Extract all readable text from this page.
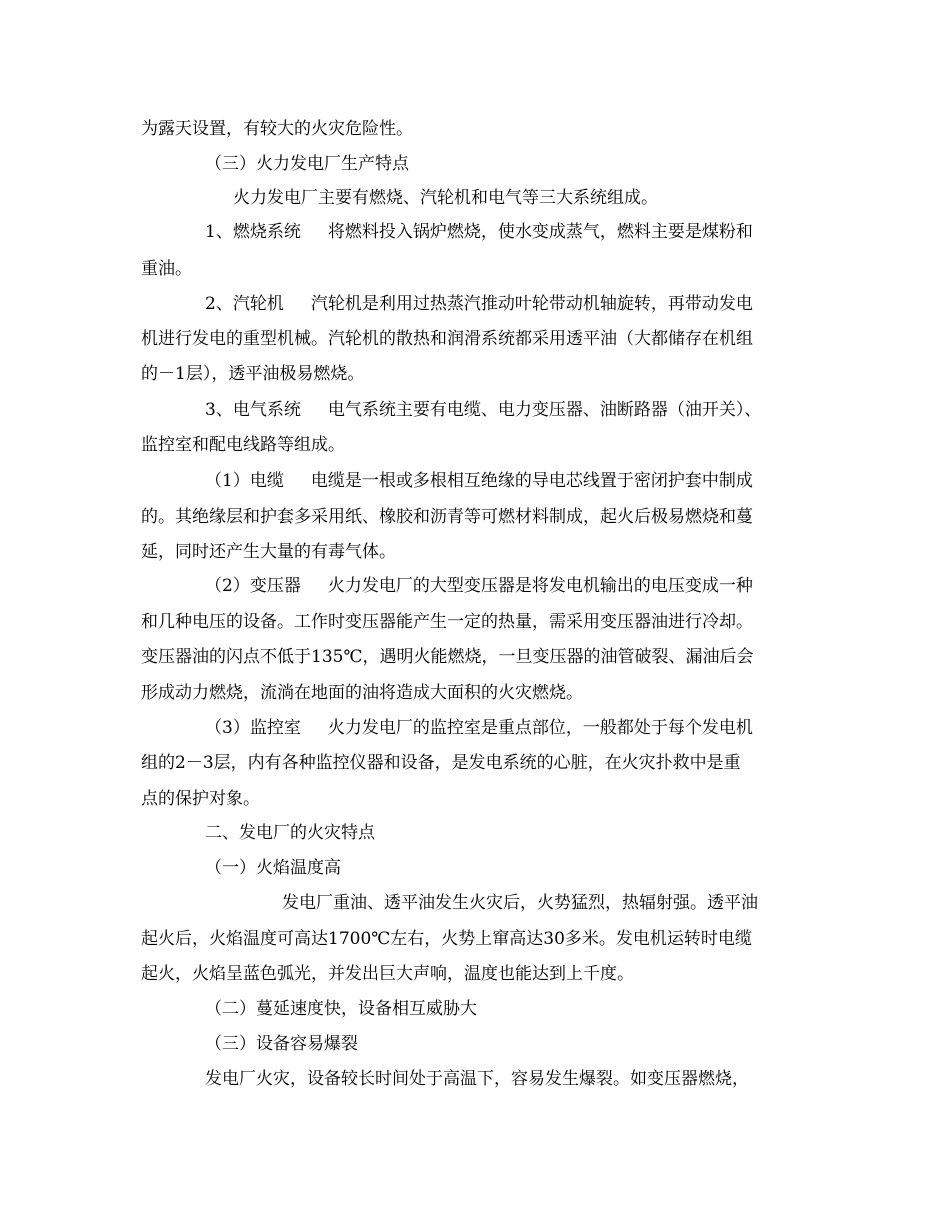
为露天设置，有较大的火灾危险性。
（三）火力发电厂生产特点
火力发电厂主要有燃烧、汽轮机和电气等三大系统组成。
1、燃烧系统 将燃料投入锅炉燃烧，使水变成蒸气，燃料主要是煤粉和
重油。
2、汽轮机 汽轮机是利用过热蒸汽推动叶轮带动机轴旋转，再带动发电
机进行发电的重型机械。汽轮机的散热和润滑系统都采用透平油（大都储存在机组
的－1层），透平油极易燃烧。
3、电气系统 电气系统主要有电缆、电力变压器、油断路器（油开关）、
监控室和配电线路等组成。
（1）电缆 电缆是一根或多根相互绝缘的导电芯线置于密闭护套中制成
的。其绝缘层和护套多采用纸、橡胶和沥青等可燃材料制成，起火后极易燃烧和蔓
延，同时还产生大量的有毒气体。
（2）变压器 火力发电厂的大型变压器是将发电机输出的电压变成一种
和几种电压的设备。工作时变压器能产生一定的热量，需采用变压器油进行冷却。
变压器油的闪点不低于135℃，遇明火能燃烧，一旦变压器的油管破裂、漏油后会
形成动力燃烧，流淌在地面的油将造成大面积的火灾燃烧。
（3）监控室 火力发电厂的监控室是重点部位，一般都处于每个发电机
组的2－3层，内有各种监控仪器和设备，是发电系统的心脏，在火灾扑救中是重
点的保护对象。
二、发电厂的火灾特点
（一）火焰温度高
发电厂重油、透平油发生火灾后，火势猛烈，热辐射强。透平油
起火后，火焰温度可高达1700℃左右，火势上窜高达30多米。发电机运转时电缆
起火，火焰呈蓝色弧光，并发出巨大声响，温度也能达到上千度。
（二）蔓延速度快，设备相互威胁大
（三）设备容易爆裂
发电厂火灾，设备较长时间处于高温下，容易发生爆裂。如变压器燃烧，
